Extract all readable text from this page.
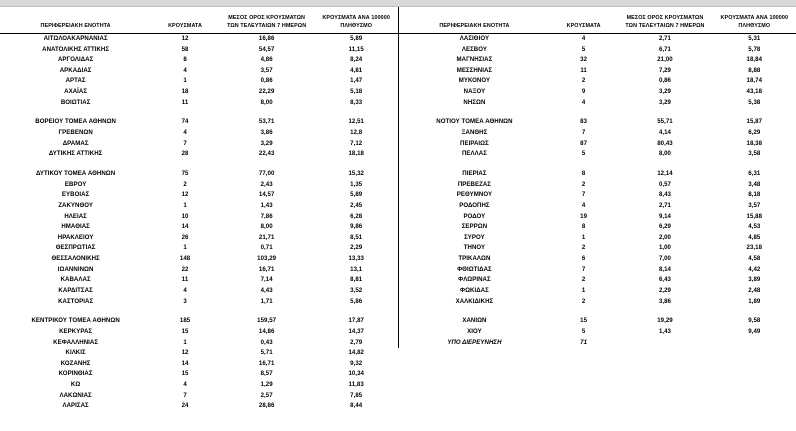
ΠΕΡΙΦΕΡΕΙΑΚΗ ΕΝΟΤΗΤΑ	ΚΡΟΥΣΜΑΤΑ	ΜΕΣΟΣ ΟΡΟΣ ΚΡΟΥΣΜΑΤΩΝ
ΤΩΝ ΤΕΛΕΥΤΑΙΩΝ 7 ΗΜΕΡΩΝ	ΚΡΟΥΣΜΑΤΑ ΑΝΑ 100000
ΠΛΗΘΥΣΜΟ

ΑΙΤΩΛΟΑΚΑΡΝΑΝΙΑΣ	12	16,86	5,89
ΑΝΑΤΟΛΙΚΗΣ ΑΤΤΙΚΗΣ	58	54,57	11,15
ΑΡΓΟΛΙΔΑΣ	8	4,86	8,24
ΑΡΚΑΔΙΑΣ	4	3,57	4,81
ΑΡΤΑΣ	1	0,86	1,47
ΑΧΑΪΑΣ	18	22,29	5,18
ΒΟΙΩΤΙΑΣ	11	8,00	8,33

ΒΟΡΕΙΟΥ ΤΟΜΕΑ ΑΘΗΝΩΝ	74	53,71	12,51
ΓΡΕΒΕΝΩΝ	4	3,86	12,8
ΔΡΑΜΑΣ	7	3,29	7,12
ΔΥΤΙΚΗΣ ΑΤΤΙΚΗΣ	28	22,43	18,18

ΔΥΤΙΚΟΥ ΤΟΜΕΑ ΑΘΗΝΩΝ	75	77,00	15,32
ΕΒΡΟΥ	2	2,43	1,35
ΕΥΒΟΙΑΣ	12	14,57	5,89
ΖΑΚΥΝΘΟΥ	1	1,43	2,45
ΗΛΕΙΑΣ	10	7,86	6,28
ΗΜΑΘΙΑΣ	14	8,00	9,86
ΗΡΑΚΛΕΙΟΥ	26	21,71	8,51
ΘΕΣΠΡΩΤΙΑΣ	1	0,71	2,29
ΘΕΣΣΑΛΟΝΙΚΗΣ	148	103,29	13,33
ΙΩΑΝΝΙΝΩΝ	22	16,71	13,1
ΚΑΒΑΛΑΣ	11	7,14	8,81
ΚΑΡΔΙΤΣΑΣ	4	4,43	3,52
ΚΑΣΤΟΡΙΑΣ	3	1,71	5,86

ΚΕΝΤΡΙΚΟΥ ΤΟΜΕΑ ΑΘΗΝΩΝ	185	159,57	17,87
ΚΕΡΚΥΡΑΣ	15	14,86	14,37
ΚΕΦΑΛΛΗΝΙΑΣ	1	0,43	2,79
ΚΙΛΚΙΣ	12	5,71	14,82
ΚΟΖΑΝΗΣ	14	16,71	9,32
ΚΟΡΙΝΘΙΑΣ	15	8,57	10,34
ΚΩ	4	1,29	11,83
ΛΑΚΩΝΙΑΣ	7	2,57	7,85
ΛΑΡΙΣΑΣ	24	28,86	8,44
ΠΕΡΙΦΕΡΕΙΑΚΗ ΕΝΟΤΗΤΑ	ΚΡΟΥΣΜΑΤΑ	ΜΕΣΟΣ ΟΡΟΣ ΚΡΟΥΣΜΑΤΩΝ
ΤΩΝ ΤΕΛΕΥΤΑΙΩΝ 7 ΗΜΕΡΩΝ	ΚΡΟΥΣΜΑΤΑ ΑΝΑ 100000
ΠΛΗΘΥΣΜΟ

ΛΑΣΙΘΙΟΥ	4	2,71	5,31
ΛΕΣΒΟΥ	5	6,71	5,78
ΜΑΓΝΗΣΙΑΣ	32	21,00	18,84
ΜΕΣΣΗΝΙΑΣ	11	7,29	8,88
ΜΥΚΟΝΟΥ	2	0,86	18,74
ΝΑΞΟΥ	9	3,29	43,18
ΝΗΣΩΝ	4	3,29	5,38

ΝΟΤΙΟΥ ΤΟΜΕΑ ΑΘΗΝΩΝ	83	55,71	15,87
ΞΑΝΘΗΣ	7	4,14	6,29
ΠΕΙΡΑΙΩΣ	87	80,43	18,38
ΠΕΛΛΑΣ	5	8,00	3,58

ΠΙΕΡΙΑΣ	8	12,14	6,31
ΠΡΕΒΕΖΑΣ	2	0,57	3,48
ΡΕΘΥΜΝΟΥ	7	8,43	8,18
ΡΟΔΟΠΗΣ	4	2,71	3,57
ΡΟΔΟΥ	19	9,14	15,88
ΣΕΡΡΩΝ	8	6,29	4,53
ΣΥΡΟΥ	1	2,00	4,85
ΤΗΝΟΥ	2	1,00	23,18
ΤΡΙΚΑΛΩΝ	6	7,00	4,58
ΦΘΙΩΤΙΔΑΣ	7	8,14	4,42
ΦΛΩΡΙΝΑΣ	2	6,43	3,89
ΦΩΚΙΔΑΣ	1	2,29	2,48
ΧΑΛΚΙΔΙΚΗΣ	2	3,86	1,89

ΧΑΝΙΩΝ	15	19,29	9,58
ΧΙΟΥ	5	1,43	9,49
ΥΠΟ ΔΙΕΡΕΥΝΗΣΗ	71		
